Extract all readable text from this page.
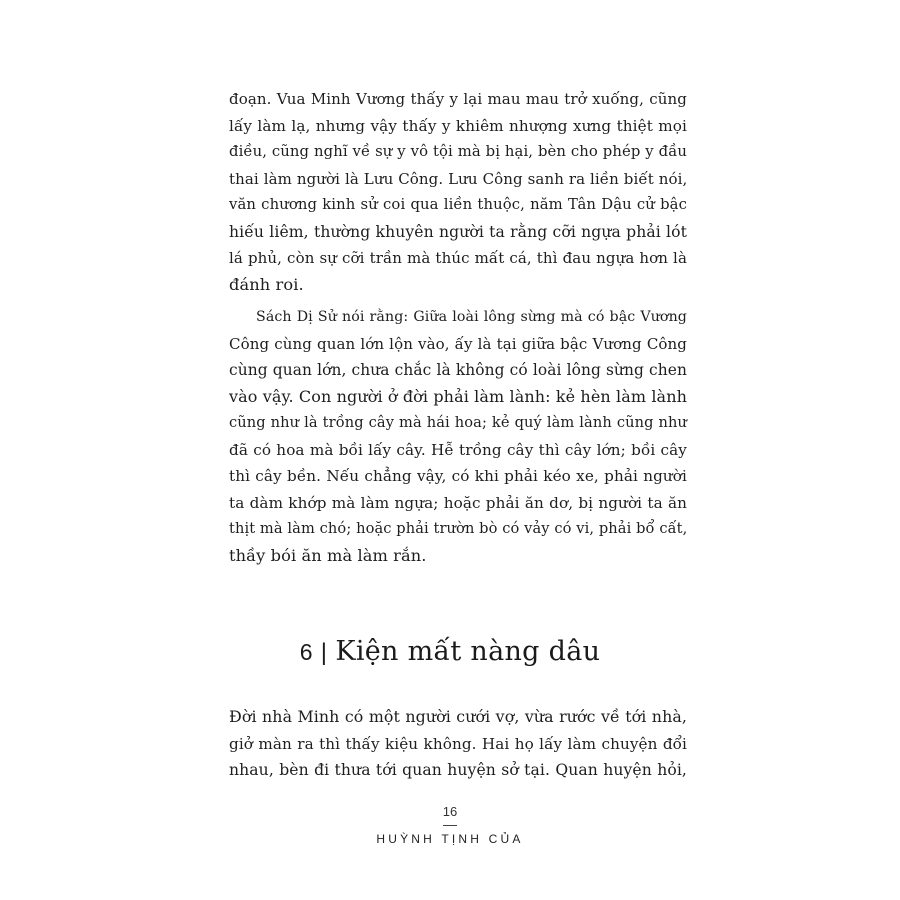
đoạn. Vua Minh Vương thấy y lại mau mau trở xuống, cũng
lấy làm lạ, nhưng vậy thấy y khiêm nhượng xưng thiệt mọi
điều, cũng nghĩ về sự y vô tội mà bị hại, bèn cho phép y đầu
thai làm người là Lưu Công. Lưu Công sanh ra liền biết nói,
văn chương kinh sử coi qua liền thuộc, năm Tân Dậu cử bậc
hiếu liêm, thường khuyên người ta rằng cỡi ngựa phải lót
lá phủ, còn sự cỡi trần mà thúc mất cá, thì đau ngựa hơn là
đánh roi.

Sách Dị Sử nói rằng: Giữa loài lông sừng mà có bậc Vương
Công cùng quan lớn lộn vào, ấy là tại giữa bậc Vương Công
cùng quan lớn, chưa chắc là không có loài lông sừng chen
vào vậy. Con người ở đời phải làm lành: kẻ hèn làm lành
cũng như là trồng cây mà hái hoa; kẻ quý làm lành cũng như
đã có hoa mà bồi lấy cây. Hễ trồng cây thì cây lớn; bồi cây
thì cây bền. Nếu chẳng vậy, có khi phải kéo xe, phải người
ta dàm khớp mà làm ngựa; hoặc phải ăn dơ, bị người ta ăn
thịt mà làm chó; hoặc phải trườn bò có vảy có vi, phải bổ cất,
thầy bói ăn mà làm rắn.

6 | Kiện mất nàng dâu

Đời nhà Minh có một người cưới vợ, vừa rước về tới nhà,
giở màn ra thì thấy kiệu không. Hai họ lấy làm chuyện đổi
nhau, bèn đi thưa tới quan huyện sở tại. Quan huyện hỏi,

16
HUỲNH TỊNH CỦA
